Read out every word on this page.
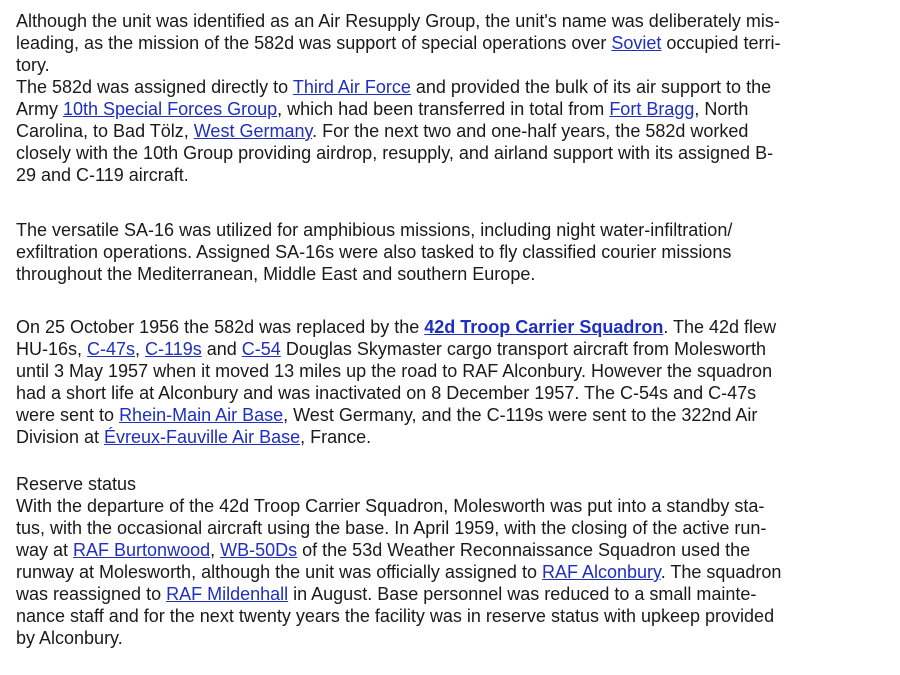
Although the unit was identified as an Air Resupply Group, the unit's name was deliberately mis-
leading, as the mission of the 582d was support of special operations over Soviet occupied terri-
tory.
The 582d was assigned directly to Third Air Force and provided the bulk of its air support to the
Army 10th Special Forces Group, which had been transferred in total from Fort Bragg, North
Carolina, to Bad Tölz, West Germany. For the next two and one-half years, the 582d worked
closely with the 10th Group providing airdrop, resupply, and airland support with its assigned B-
29 and C-119 aircraft.
The versatile SA-16 was utilized for amphibious missions, including night water-infiltration/
exfiltration operations. Assigned SA-16s were also tasked to fly classified courier missions
throughout the Mediterranean, Middle East and southern Europe.
On 25 October 1956 the 582d was replaced by the 42d Troop Carrier Squadron. The 42d flew
HU-16s, C-47s, C-119s and C-54 Douglas Skymaster cargo transport aircraft from Molesworth
until 3 May 1957 when it moved 13 miles up the road to RAF Alconbury. However the squadron
had a short life at Alconbury and was inactivated on 8 December 1957. The C-54s and C-47s
were sent to Rhein-Main Air Base, West Germany, and the C-119s were sent to the 322nd Air
Division at Évreux-Fauville Air Base, France.
Reserve status
With the departure of the 42d Troop Carrier Squadron, Molesworth was put into a standby sta-
tus, with the occasional aircraft using the base. In April 1959, with the closing of the active run-
way at RAF Burtonwood, WB-50Ds of the 53d Weather Reconnaissance Squadron used the
runway at Molesworth, although the unit was officially assigned to RAF Alconbury. The squadron
was reassigned to RAF Mildenhall in August. Base personnel was reduced to a small mainte-
nance staff and for the next twenty years the facility was in reserve status with upkeep provided
by Alconbury.
